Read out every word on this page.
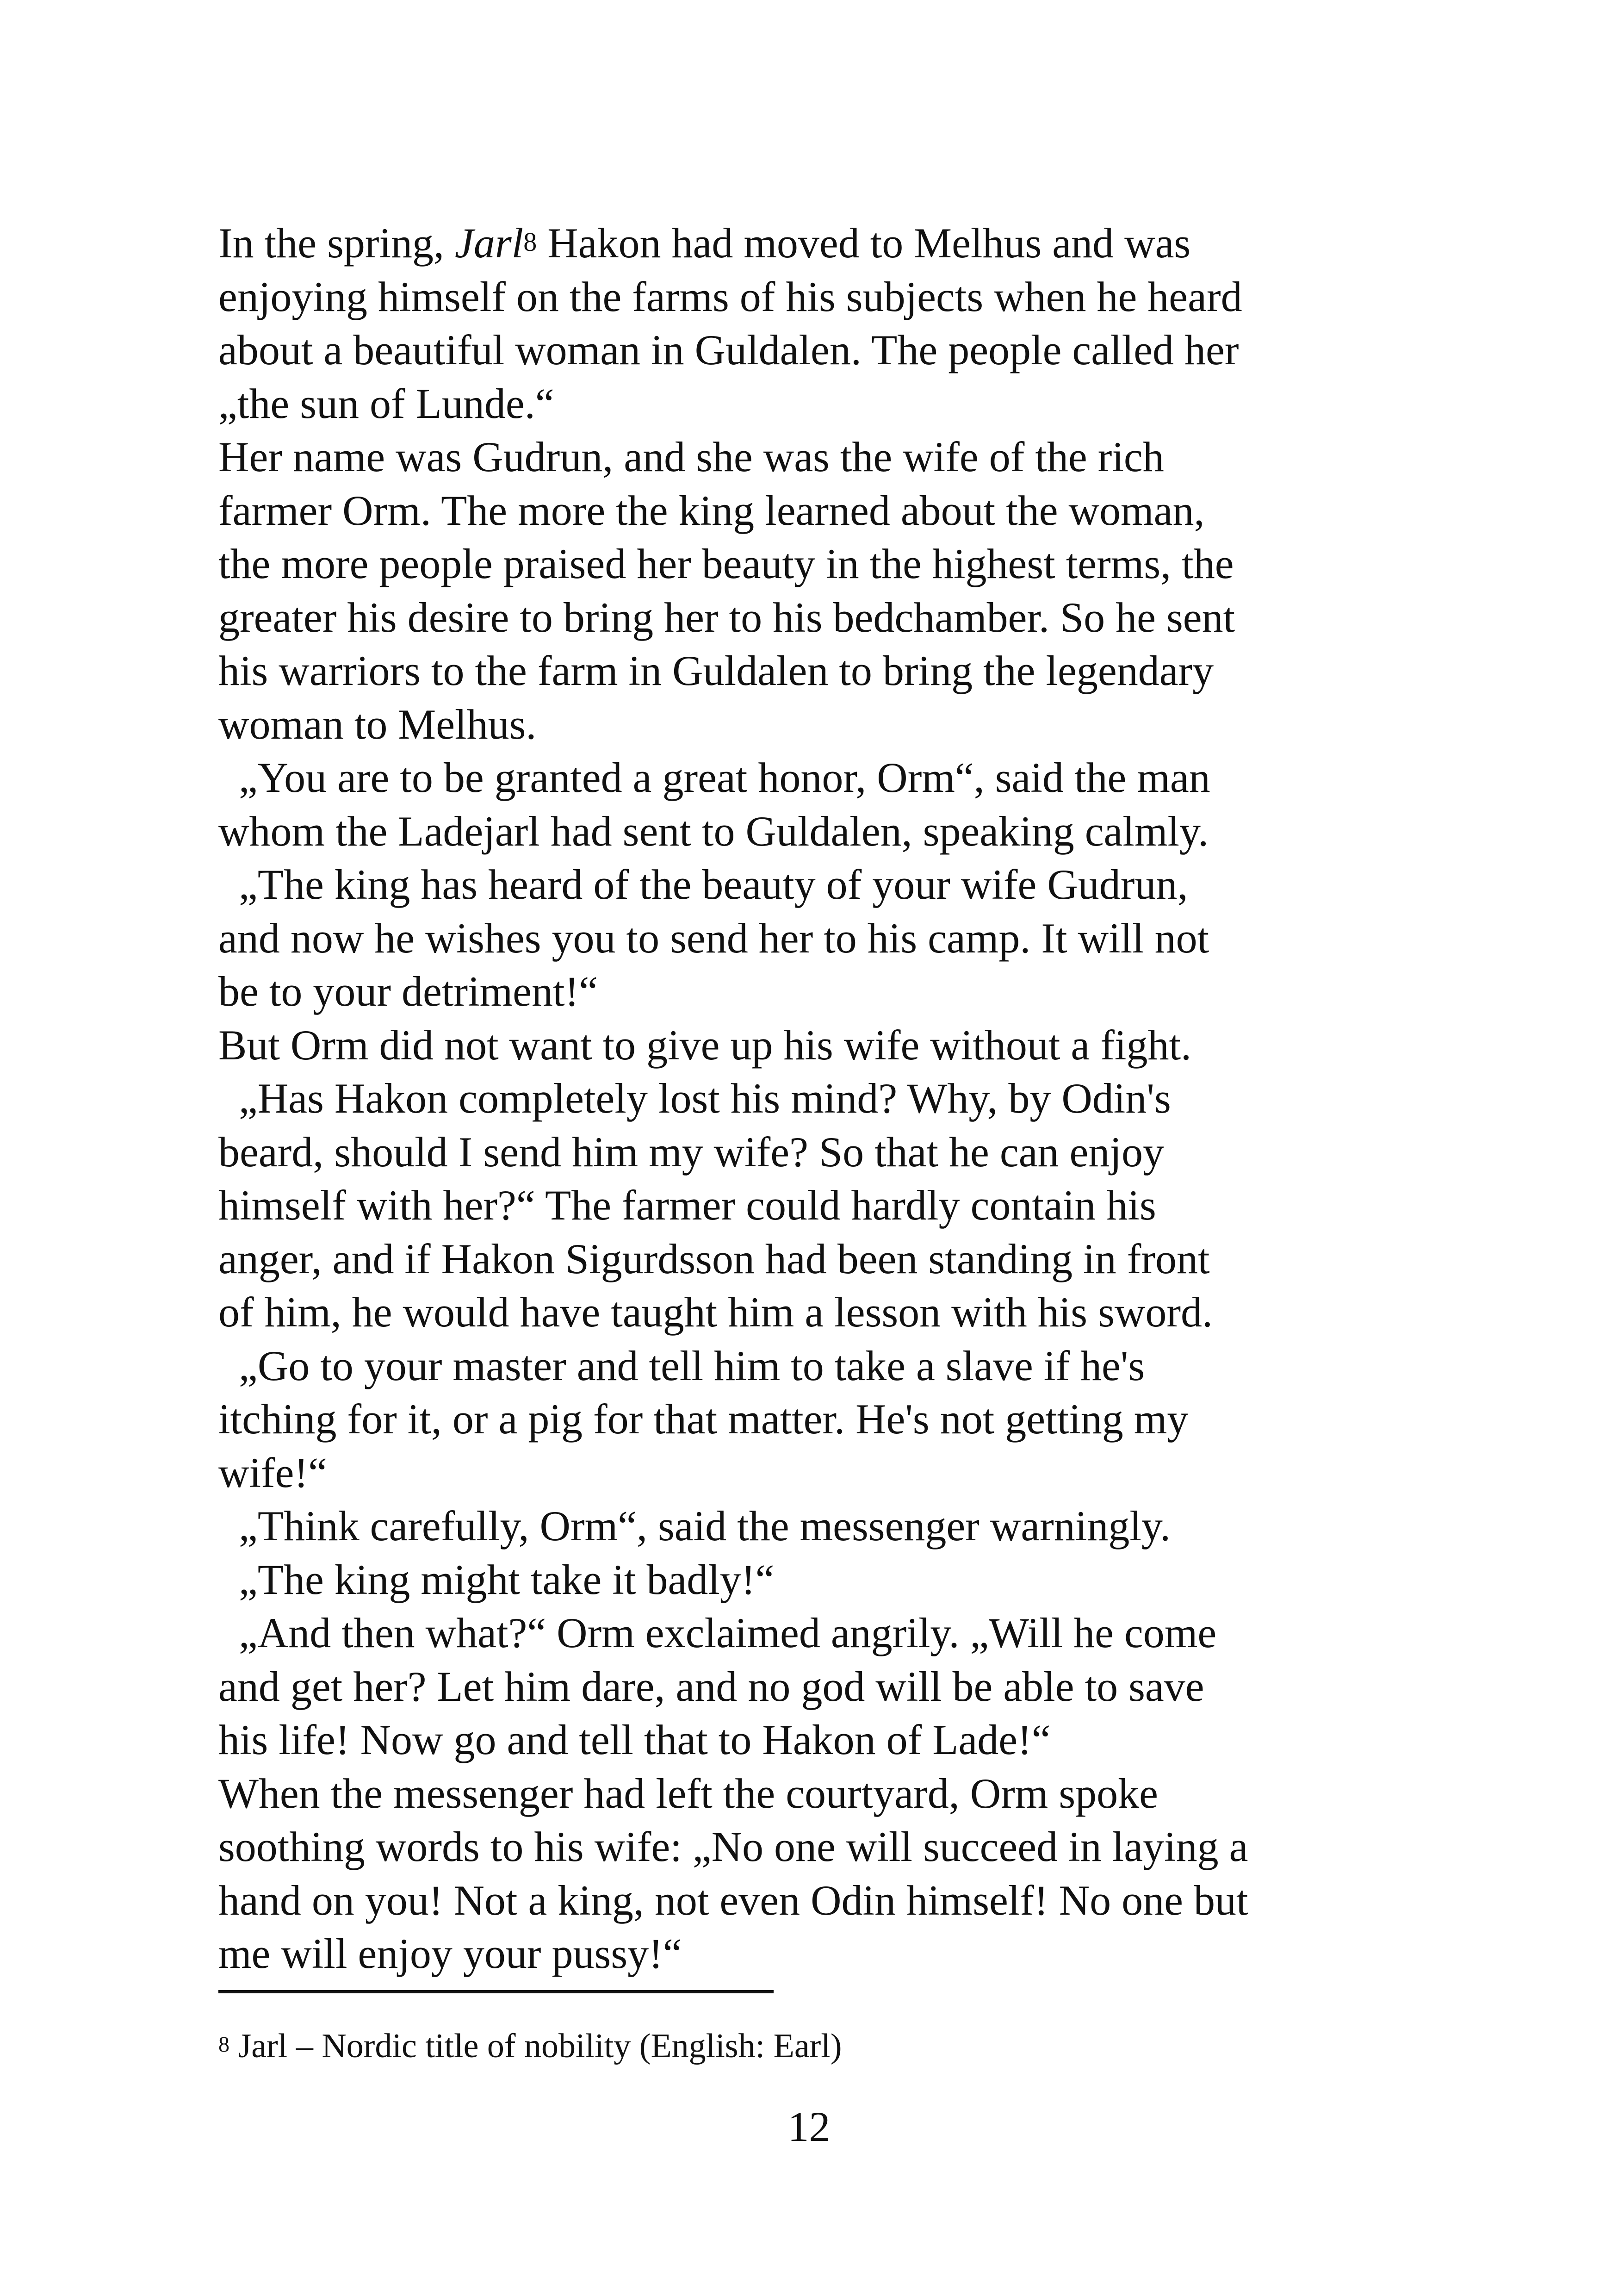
In the spring, Jarl$^8$ Hakon had moved to Melhus and was
enjoying himself on the farms of his subjects when he heard
about a beautiful woman in Guldalen. The people called her
„the sun of Lunde.“
Her name was Gudrun, and she was the wife of the rich
farmer Orm. The more the king learned about the woman,
the more people praised her beauty in the highest terms, the
greater his desire to bring her to his bedchamber. So he sent
his warriors to the farm in Guldalen to bring the legendary
woman to Melhus.
„You are to be granted a great honor, Orm“, said the man
whom the Ladejarl had sent to Guldalen, speaking calmly.
„The king has heard of the beauty of your wife Gudrun,
and now he wishes you to send her to his camp. It will not
be to your detriment!“
But Orm did not want to give up his wife without a fight.
„Has Hakon completely lost his mind? Why, by Odin's
beard, should I send him my wife? So that he can enjoy
himself with her?“ The farmer could hardly contain his
anger, and if Hakon Sigurdsson had been standing in front
of him, he would have taught him a lesson with his sword.
„Go to your master and tell him to take a slave if he's
itching for it, or a pig for that matter. He's not getting my
wife!“
„Think carefully, Orm“, said the messenger warningly.
„The king might take it badly!“
„And then what?“ Orm exclaimed angrily. „Will he come
and get her? Let him dare, and no god will be able to save
his life! Now go and tell that to Hakon of Lade!“
When the messenger had left the courtyard, Orm spoke
soothing words to his wife: „No one will succeed in laying a
hand on you! Not a king, not even Odin himself! No one but
me will enjoy your pussy!“
$^8$ Jarl – Nordic title of nobility (English: Earl)
12
